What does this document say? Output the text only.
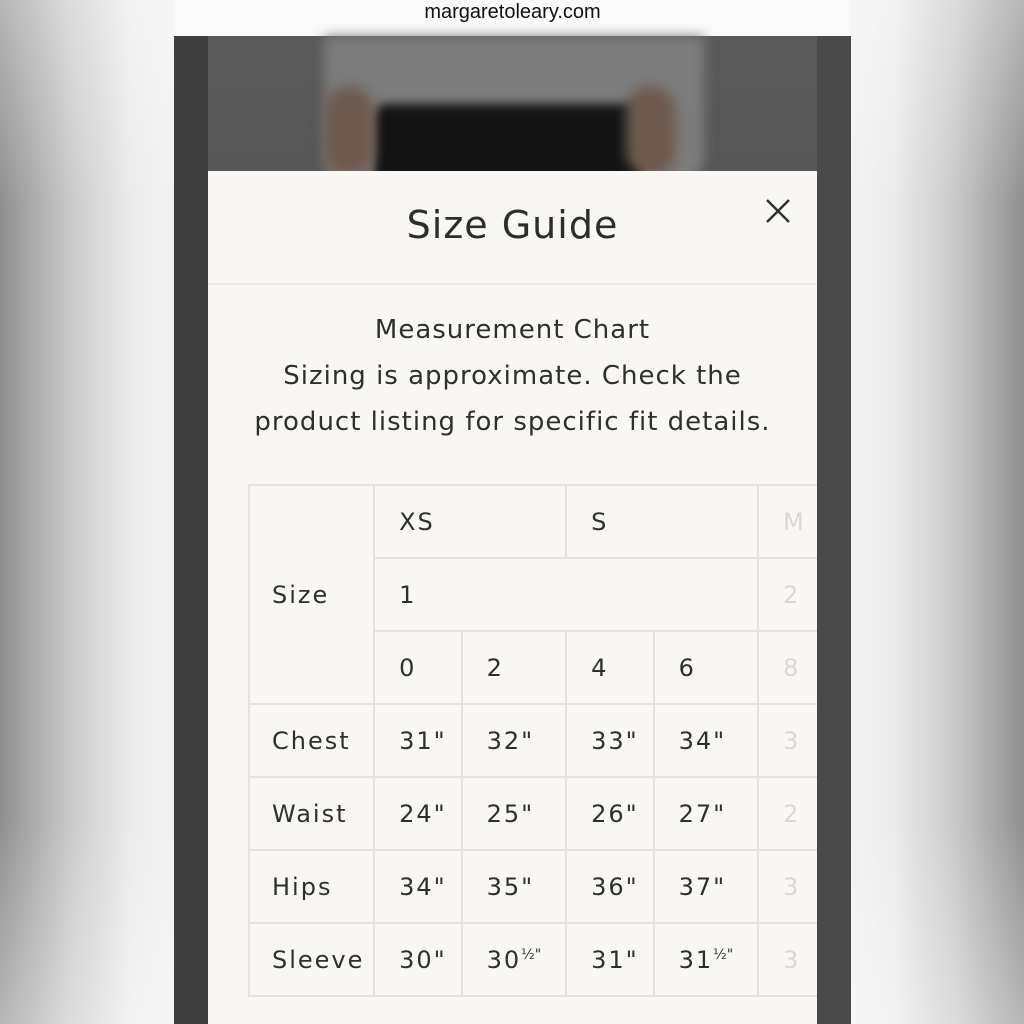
margaretoleary.com
Size Guide
Measurement Chart
Sizing is approximate. Check the
product listing for specific fit details.
Size	XS		S		M
	1				2
	0	2	4	6	8
Chest	31"	32"	33"	34"	3
Waist	24"	25"	26"	27"	2
Hips	34"	35"	36"	37"	3
Sleeve	30"	$30^{\frac{1}{2}"}$	31"	$31^{\frac{1}{2}"}$	3
